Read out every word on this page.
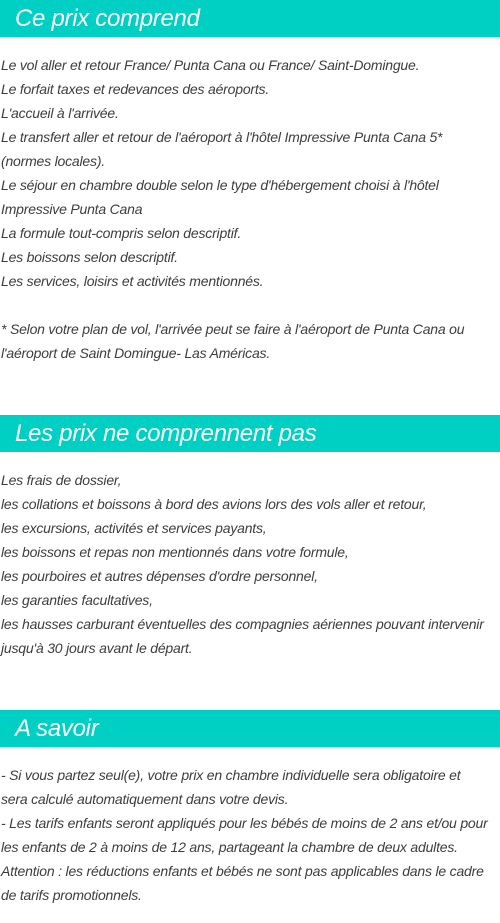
Ce prix comprend
Le vol aller et retour France/ Punta Cana ou France/ Saint-Domingue.
Le forfait taxes et redevances des aéroports.
L'accueil à l'arrivée.
Le transfert aller et retour de l'aéroport à l'hôtel Impressive Punta Cana 5*
(normes locales).
Le séjour en chambre double selon le type d'hébergement choisi à l'hôtel
Impressive Punta Cana
La formule tout-compris selon descriptif.
Les boissons selon descriptif.
Les services, loisirs et activités mentionnés.
* Selon votre plan de vol, l'arrivée peut se faire à l'aéroport de Punta Cana ou
l'aéroport de Saint Domingue- Las Américas.
Les prix ne comprennent pas
Les frais de dossier,
les collations et boissons à bord des avions lors des vols aller et retour,
les excursions, activités et services payants,
les boissons et repas non mentionnés dans votre formule,
les pourboires et autres dépenses d'ordre personnel,
les garanties facultatives,
les hausses carburant éventuelles des compagnies aériennes pouvant intervenir
jusqu'à 30 jours avant le départ.
A savoir
- Si vous partez seul(e), votre prix en chambre individuelle sera obligatoire et
sera calculé automatiquement dans votre devis.
- Les tarifs enfants seront appliqués pour les bébés de moins de 2 ans et/ou pour
les enfants de 2 à moins de 12 ans, partageant la chambre de deux adultes.
Attention : les réductions enfants et bébés ne sont pas applicables dans le cadre
de tarifs promotionnels.
